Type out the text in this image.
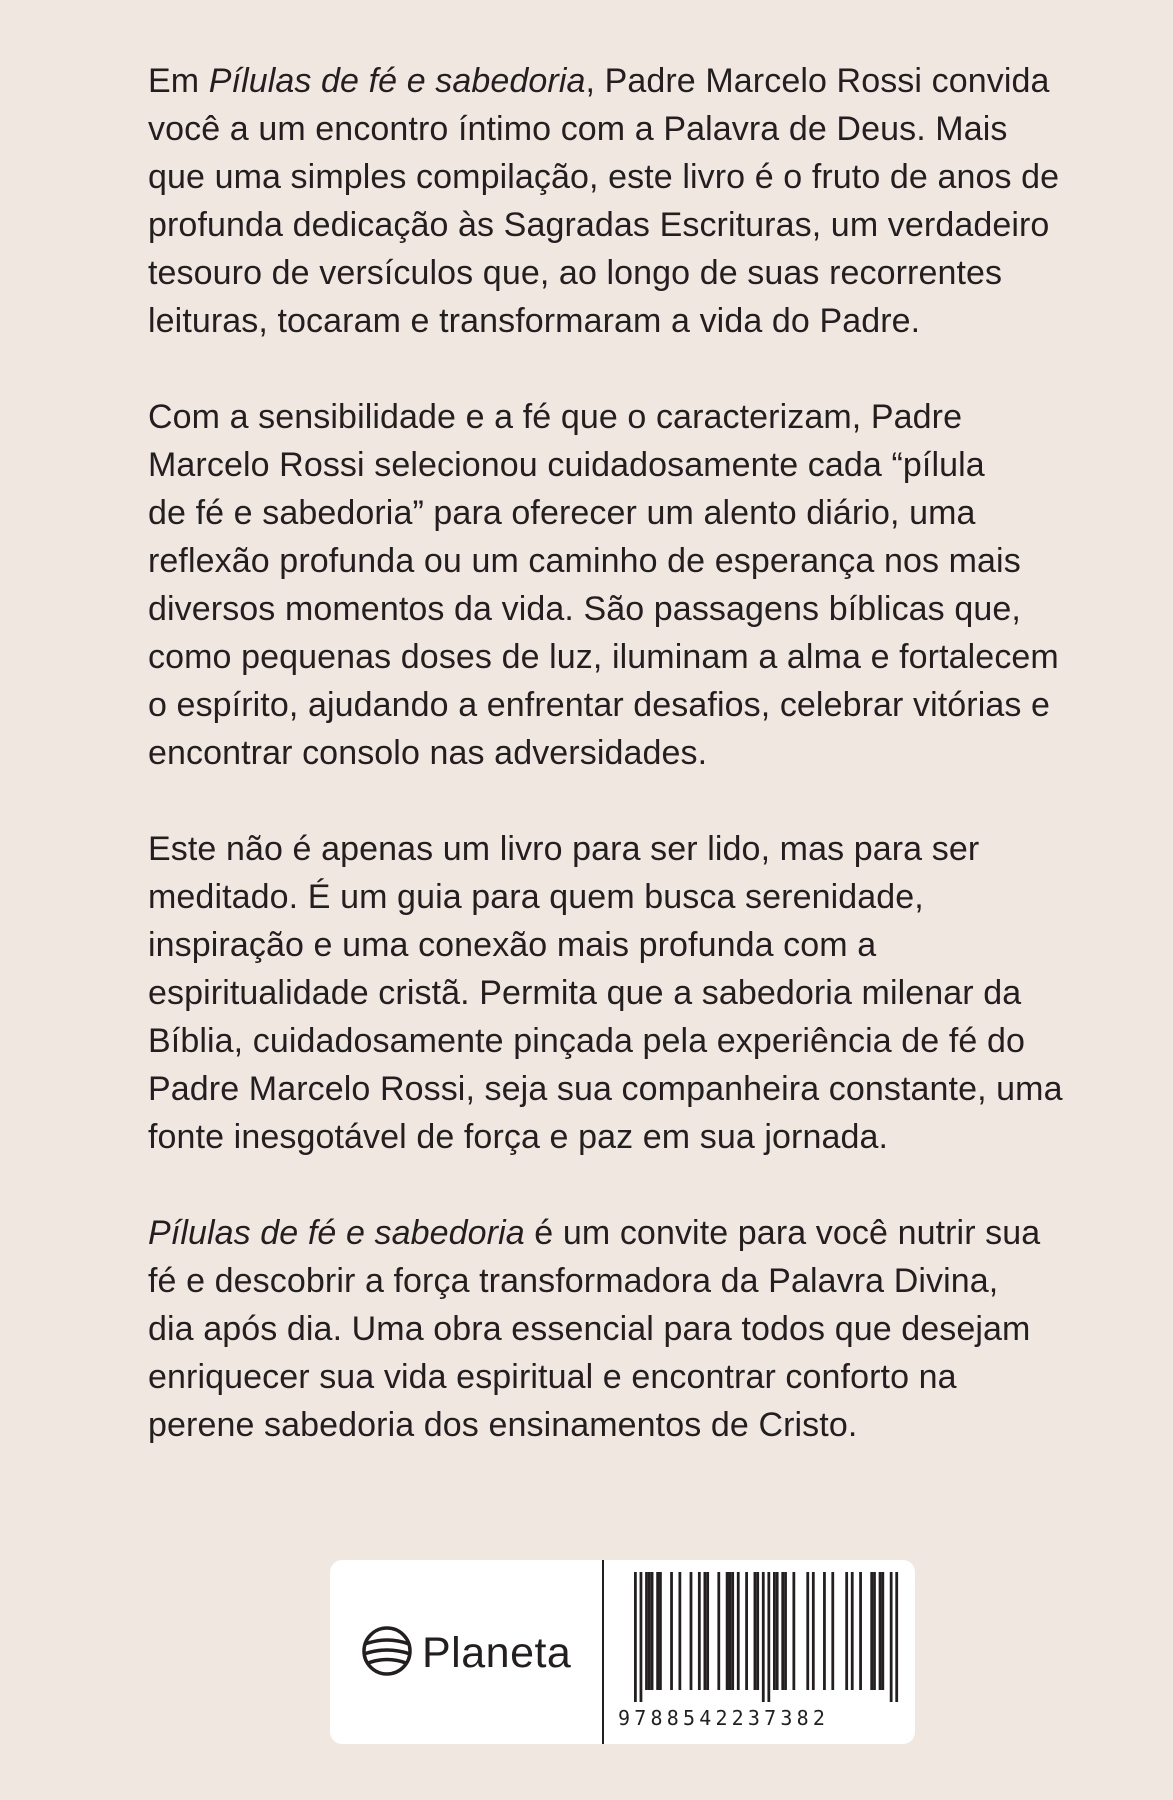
Em Pílulas de fé e sabedoria, Padre Marcelo Rossi convida
você a um encontro íntimo com a Palavra de Deus. Mais
que uma simples compilação, este livro é o fruto de anos de
profunda dedicação às Sagradas Escrituras, um verdadeiro
tesouro de versículos que, ao longo de suas recorrentes
leituras, tocaram e transformaram a vida do Padre.

Com a sensibilidade e a fé que o caracterizam, Padre
Marcelo Rossi selecionou cuidadosamente cada “pílula
de fé e sabedoria” para oferecer um alento diário, uma
reflexão profunda ou um caminho de esperança nos mais
diversos momentos da vida. São passagens bíblicas que,
como pequenas doses de luz, iluminam a alma e fortalecem
o espírito, ajudando a enfrentar desafios, celebrar vitórias e
encontrar consolo nas adversidades.

Este não é apenas um livro para ser lido, mas para ser
meditado. É um guia para quem busca serenidade,
inspiração e uma conexão mais profunda com a
espiritualidade cristã. Permita que a sabedoria milenar da
Bíblia, cuidadosamente pinçada pela experiência de fé do
Padre Marcelo Rossi, seja sua companheira constante, uma
fonte inesgotável de força e paz em sua jornada.

Pílulas de fé e sabedoria é um convite para você nutrir sua
fé e descobrir a força transformadora da Palavra Divina,
dia após dia. Uma obra essencial para todos que desejam
enriquecer sua vida espiritual e encontrar conforto na
perene sabedoria dos ensinamentos de Cristo.

Planeta
9788542237382
